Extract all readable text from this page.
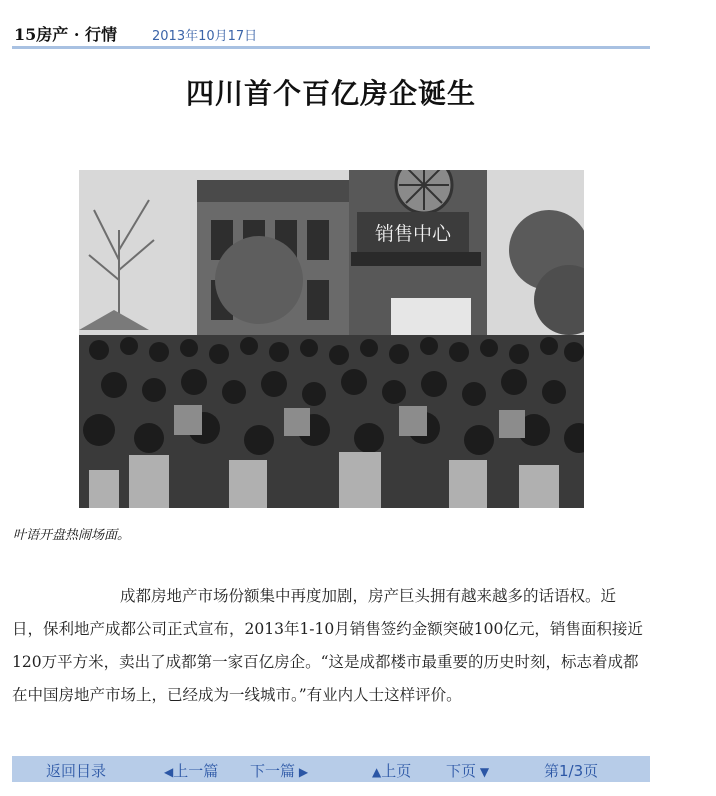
15房产 · 行情	2013年10月17日
四川首个百亿房企诞生
销售中心
叶语开盘热闹场面。

成都房地产市场份额集中再度加剧，房产巨头拥有越来越多的话语权。近日，保利地产成都公司正式宣布，2013年1-10月销售签约金额突破100亿元，销售面积接近120万平方米，卖出了成都第一家百亿房企。“这是成都楼市最重要的历史时刻，标志着成都在中国房地产市场上，已经成为一线城市。”有业内人士这样评价。

返回目录	◀上一篇 下一篇 ▶	▲上页 下页 ▼	第1/3页
